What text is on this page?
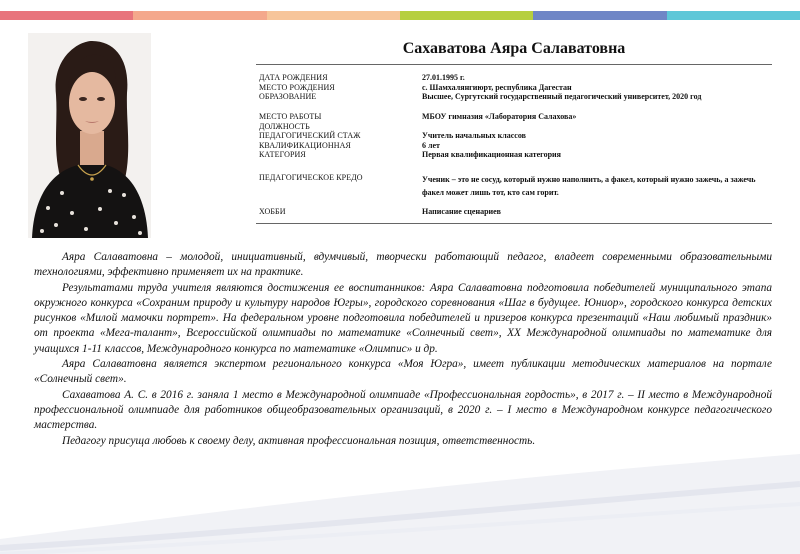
Сахаватова Аяра Салаватовна
ДАТА РОЖДЕНИЯ
МЕСТО РОЖДЕНИЯ
ОБРАЗОВАНИЕ
27.01.1995 г.
с. Шамхалянгиюрт, республика Дагестан
Высшее, Сургутский государственный педагогический университет, 2020 год
МЕСТО РАБОТЫ
ДОЛЖНОСТЬ
ПЕДАГОГИЧЕСКИЙ СТАЖ
КВАЛИФИКАЦИОННАЯ
КАТЕГОРИЯ
МБОУ гимназия «Лаборатория Салахова»

Учитель начальных классов
6 лет
Первая квалификационная категория
ПЕДАГОГИЧЕСКОЕ КРЕДО	Ученик – это не сосуд, который нужно наполнить, а факел, который нужно зажечь, а зажечь факел может лишь тот, кто сам горит.
ХОББИ	Написание сценариев

Аяра Салаватовна – молодой, инициативный, вдумчивый, творчески работающий педагог, владеет современными образовательными технологиями, эффективно применяет их на практике.

Результатами труда учителя являются достижения ее воспитанников: Аяра Салаватовна подготовила победителей муниципального этапа окружного конкурса «Сохраним природу и культуру народов Югры», городского соревнования «Шаг в будущее. Юниор», городского конкурса детских рисунков «Милой мамочки портрет». На федеральном уровне подготовила победителей и призеров конкурса презентаций «Наш любимый праздник» от проекта «Мега-талант», Всероссийской олимпиады по математике «Солнечный свет», XX Международной олимпиады по математике для учащихся 1-11 классов, Международного конкурса по математике «Олимпис» и др.

Аяра Салаватовна является экспертом регионального конкурса «Моя Югра», имеет публикации методических материалов на портале «Солнечный свет».

Сахаватова А. С. в 2016 г. заняла 1 место в Международной олимпиаде «Профессиональная гордость», в 2017 г. – II место в Международной профессиональной олимпиаде для работников общеобразовательных организаций, в 2020 г. – I место в Международном конкурсе педагогического мастерства.

Педагогу присуща любовь к своему делу, активная профессиональная позиция, ответственность.
